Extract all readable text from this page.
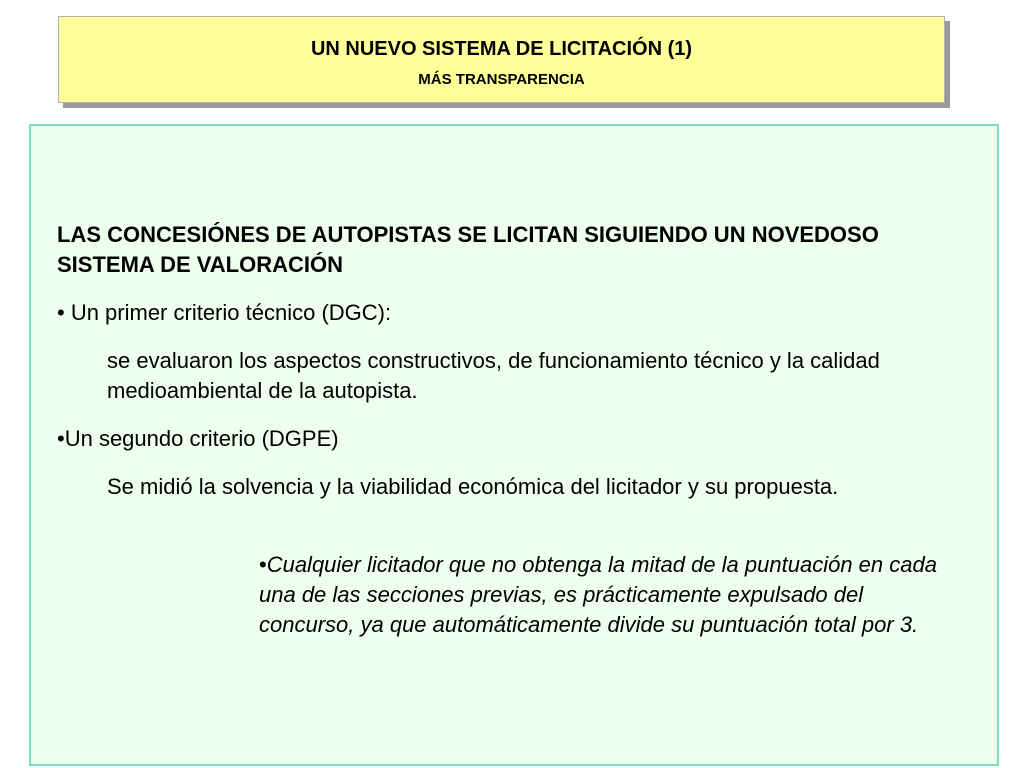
UN NUEVO SISTEMA DE LICITACIÓN (1)
MÁS TRANSPARENCIA

LAS CONCESIÓNES DE AUTOPISTAS SE LICITAN SIGUIENDO UN NOVEDOSO SISTEMA DE VALORACIÓN

• Un primer criterio técnico (DGC):

se evaluaron los aspectos constructivos, de funcionamiento técnico y la calidad medioambiental de la autopista.

•Un segundo criterio (DGPE)

Se midió la solvencia y la viabilidad económica del licitador y su propuesta.

•Cualquier licitador que no obtenga la mitad de la puntuación en cada una de las secciones previas, es prácticamente expulsado del concurso, ya que automáticamente divide su puntuación total por 3.
